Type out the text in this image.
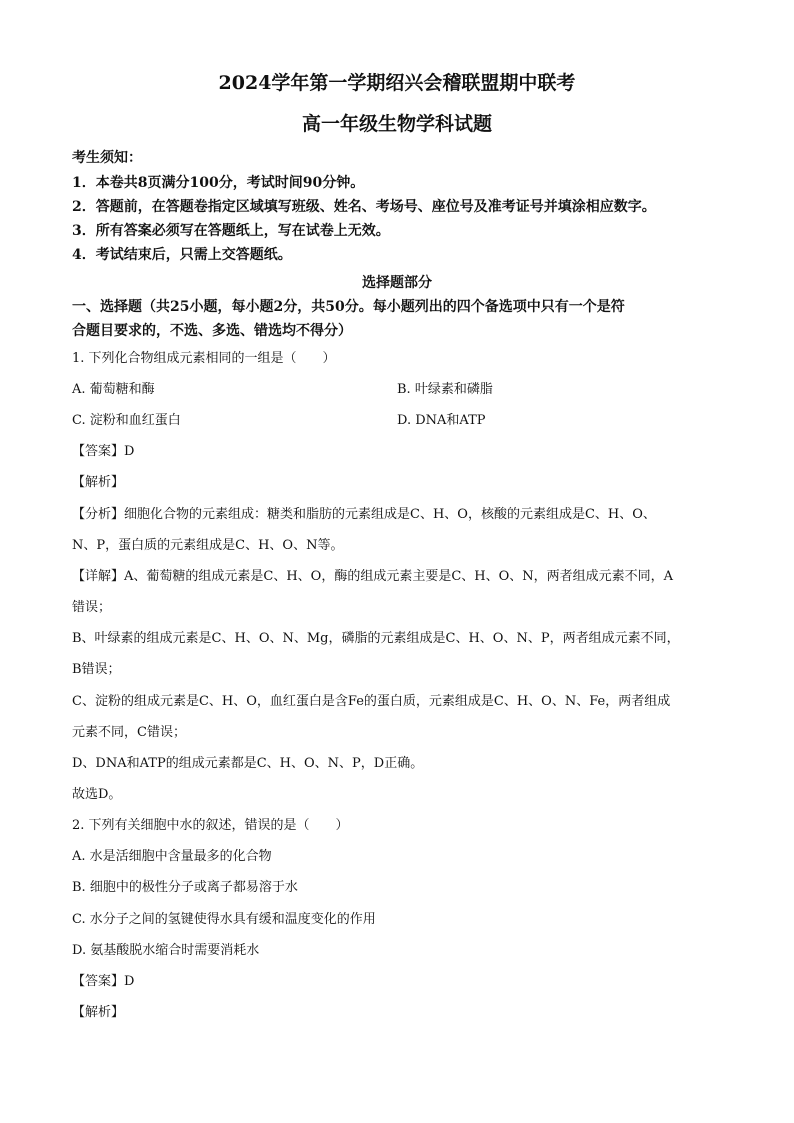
2024学年第一学期绍兴会稽联盟期中联考
高一年级生物学科试题
考生须知：
1．本卷共8页满分100分，考试时间90分钟。
2．答题前，在答题卷指定区域填写班级、姓名、考场号、座位号及准考证号并填涂相应数字。
3．所有答案必须写在答题纸上，写在试卷上无效。
4．考试结束后，只需上交答题纸。
选择题部分
一、选择题（共25小题，每小题2分，共50分。每小题列出的四个备选项中只有一个是符
合题目要求的，不选、多选、错选均不得分）
1. 下列化合物组成元素相同的一组是（　　）
A. 葡萄糖和酶	B. 叶绿素和磷脂
C. 淀粉和血红蛋白	D. DNA和ATP
【答案】D
【解析】
【分析】细胞化合物的元素组成：糖类和脂肪的元素组成是C、H、O，核酸的元素组成是C、H、O、
N、P，蛋白质的元素组成是C、H、O、N等。
【详解】A、葡萄糖的组成元素是C、H、O，酶的组成元素主要是C、H、O、N，两者组成元素不同，A
错误；
B、叶绿素的组成元素是C、H、O、N、Mg，磷脂的元素组成是C、H、O、N、P，两者组成元素不同，
B错误；
C、淀粉的组成元素是C、H、O，血红蛋白是含Fe的蛋白质，元素组成是C、H、O、N、Fe，两者组成
元素不同，C错误；
D、DNA和ATP的组成元素都是C、H、O、N、P，D正确。
故选D。
2. 下列有关细胞中水的叙述，错误的是（　　）
A. 水是活细胞中含量最多的化合物
B. 细胞中的极性分子或离子都易溶于水
C. 水分子之间的氢键使得水具有缓和温度变化的作用
D. 氨基酸脱水缩合时需要消耗水
【答案】D
【解析】
